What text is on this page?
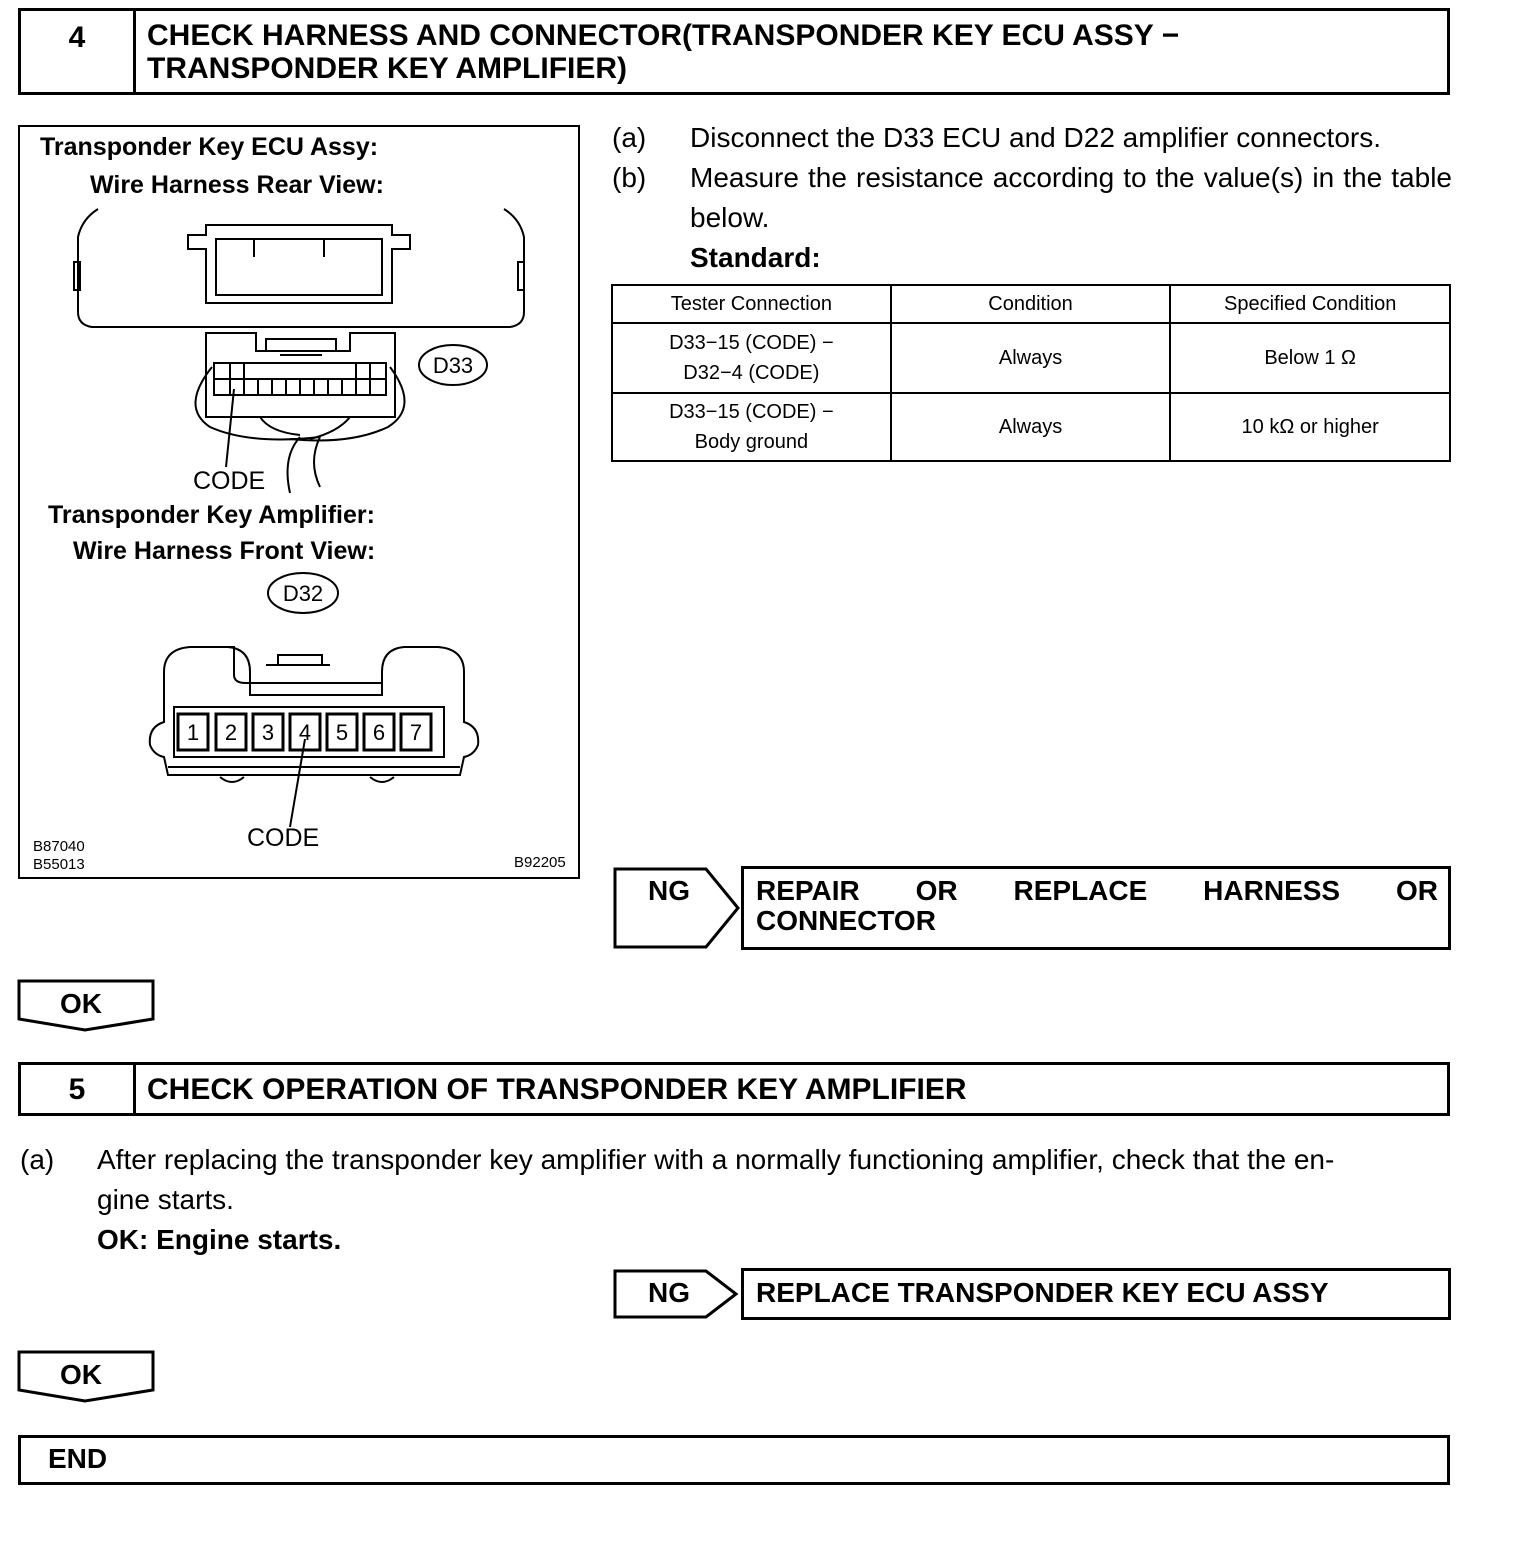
4	CHECK HARNESS AND CONNECTOR(TRANSPONDER KEY ECU ASSY −
TRANSPONDER KEY AMPLIFIER)
Transponder Key ECU Assy:
Wire Harness Rear View:
D33
D32
1 2 3 4 5 6 7
CODE
Transponder Key Amplifier:
Wire Harness Front View:
CODE
B87040
B55013	B92205
(a) Disconnect the D33 ECU and D22 amplifier connectors.
(b) Measure the resistance according to the value(s) in the table below.
Standard:
Tester Connection	Condition	Specified Condition

D33−15 (CODE) −
D32−4 (CODE)	Always	Below 1 Ω

D33−15 (CODE) −
Body ground	Always	10 kΩ or higher
NG REPAIR OR REPLACE HARNESS OR
CONNECTOR
OK
5	CHECK OPERATION OF TRANSPONDER KEY AMPLIFIER
(a) After replacing the transponder key amplifier with a normally functioning amplifier, check that the en-
gine starts.
OK: Engine starts.
NG REPLACE TRANSPONDER KEY ECU ASSY
OK
END
